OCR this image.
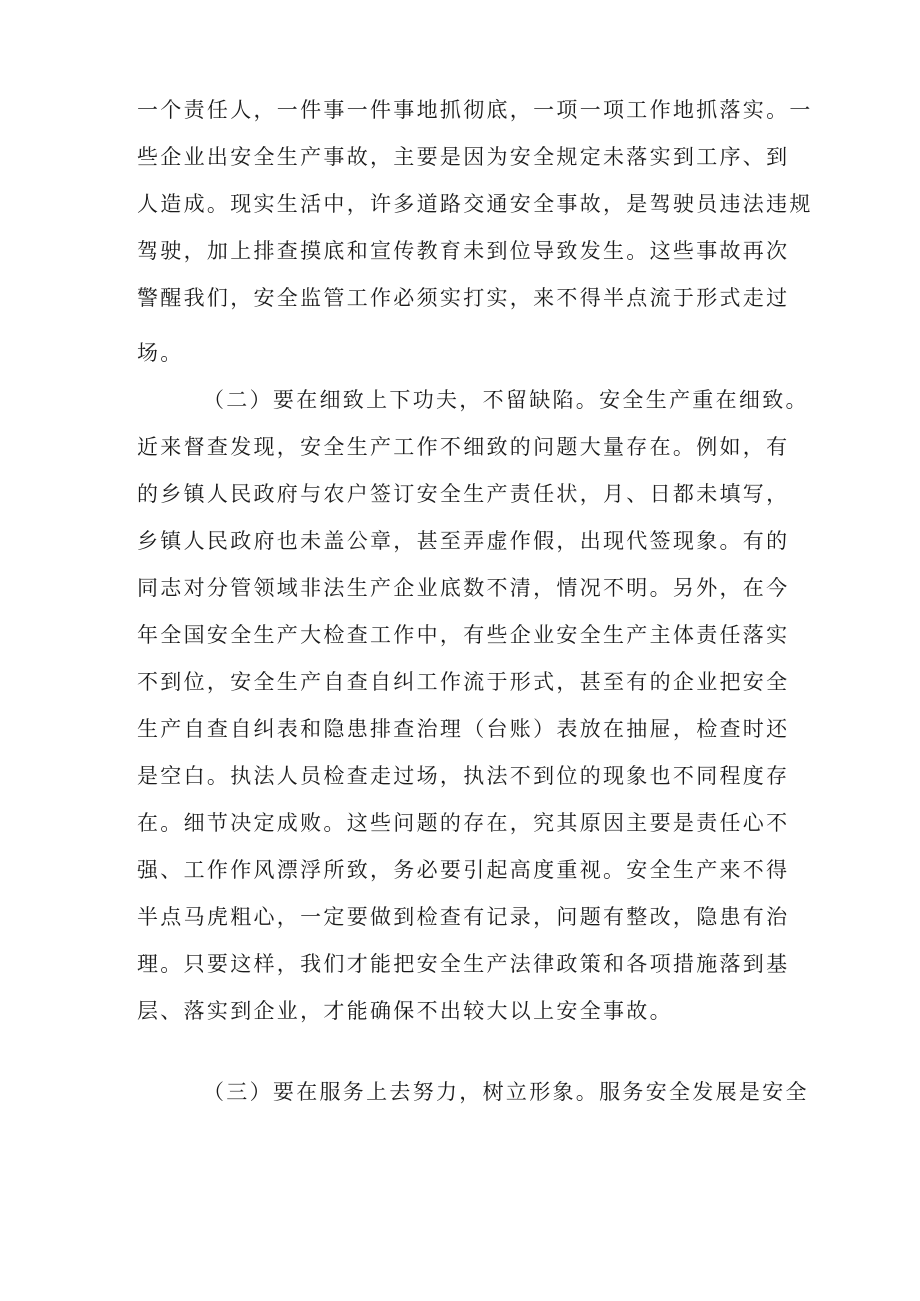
一个责任人，一件事一件事地抓彻底，一项一项工作地抓落实。一
些企业出安全生产事故，主要是因为安全规定未落实到工序、到
人造成。现实生活中，许多道路交通安全事故，是驾驶员违法违规
驾驶，加上排查摸底和宣传教育未到位导致发生。这些事故再次
警醒我们，安全监管工作必须实打实，来不得半点流于形式走过
场。
（二）要在细致上下功夫，不留缺陷。安全生产重在细致。
近来督查发现，安全生产工作不细致的问题大量存在。例如，有
的乡镇人民政府与农户签订安全生产责任状，月、日都未填写，
乡镇人民政府也未盖公章，甚至弄虚作假，出现代签现象。有的
同志对分管领域非法生产企业底数不清，情况不明。另外，在今
年全国安全生产大检查工作中，有些企业安全生产主体责任落实
不到位，安全生产自查自纠工作流于形式，甚至有的企业把安全
生产自查自纠表和隐患排查治理（台账）表放在抽屉，检查时还
是空白。执法人员检查走过场，执法不到位的现象也不同程度存
在。细节决定成败。这些问题的存在，究其原因主要是责任心不
强、工作作风漂浮所致，务必要引起高度重视。安全生产来不得
半点马虎粗心，一定要做到检查有记录，问题有整改，隐患有治
理。只要这样，我们才能把安全生产法律政策和各项措施落到基
层、落实到企业，才能确保不出较大以上安全事故。
（三）要在服务上去努力，树立形象。服务安全发展是安全
